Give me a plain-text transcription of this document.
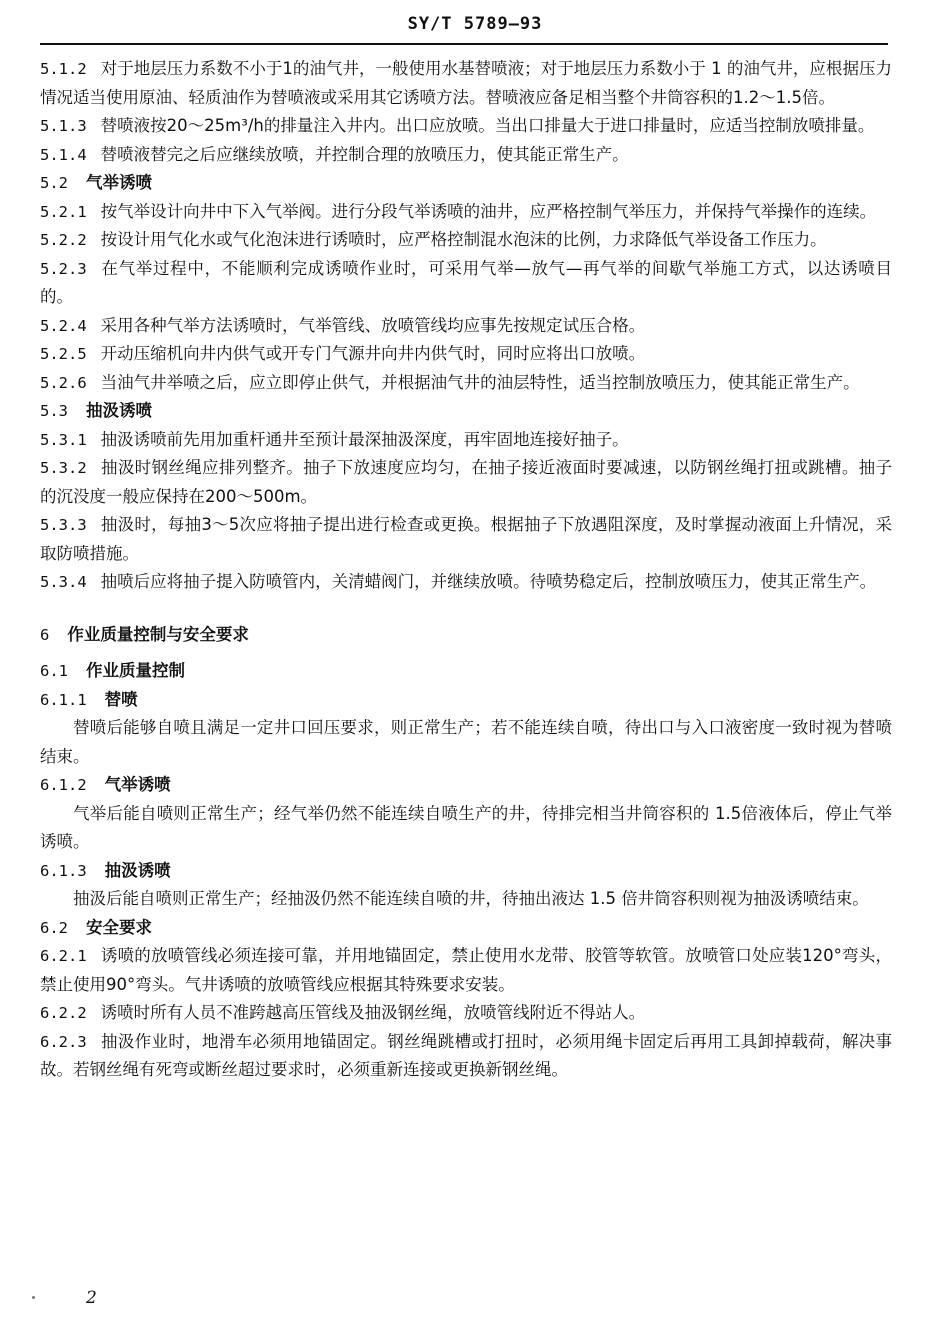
SY/T 5789—93
5.1.2 对于地层压力系数不小于1的油气井，一般使用水基替喷液；对于地层压力系数小于 1 的油气井，应根据压力情况适当使用原油、轻质油作为替喷液或采用其它诱喷方法。替喷液应备足相当整个井筒容积的1.2～1.5倍。
5.1.3 替喷液按20～25m³/h的排量注入井内。出口应放喷。当出口排量大于进口排量时，应适当控制放喷排量。
5.1.4 替喷液替完之后应继续放喷，并控制合理的放喷压力，使其能正常生产。
5.2 气举诱喷
5.2.1 按气举设计向井中下入气举阀。进行分段气举诱喷的油井，应严格控制气举压力，并保持气举操作的连续。
5.2.2 按设计用气化水或气化泡沫进行诱喷时，应严格控制混水泡沫的比例，力求降低气举设备工作压力。
5.2.3 在气举过程中，不能顺利完成诱喷作业时，可采用气举—放气—再气举的间歇气举施工方式，以达诱喷目的。
5.2.4 采用各种气举方法诱喷时，气举管线、放喷管线均应事先按规定试压合格。
5.2.5 开动压缩机向井内供气或开专门气源井向井内供气时，同时应将出口放喷。
5.2.6 当油气井举喷之后，应立即停止供气，并根据油气井的油层特性，适当控制放喷压力，使其能正常生产。
5.3 抽汲诱喷
5.3.1 抽汲诱喷前先用加重杆通井至预计最深抽汲深度，再牢固地连接好抽子。
5.3.2 抽汲时钢丝绳应排列整齐。抽子下放速度应均匀，在抽子接近液面时要减速，以防钢丝绳打扭或跳槽。抽子的沉没度一般应保持在200～500m。
5.3.3 抽汲时，每抽3～5次应将抽子提出进行检查或更换。根据抽子下放遇阻深度，及时掌握动液面上升情况，采取防喷措施。
5.3.4 抽喷后应将抽子提入防喷管内，关清蜡阀门，并继续放喷。待喷势稳定后，控制放喷压力，使其正常生产。
6 作业质量控制与安全要求
6.1 作业质量控制
6.1.1 替喷
替喷后能够自喷且满足一定井口回压要求，则正常生产；若不能连续自喷，待出口与入口液密度一致时视为替喷结束。
6.1.2 气举诱喷
气举后能自喷则正常生产；经气举仍然不能连续自喷生产的井，待排完相当井筒容积的 1.5倍液体后，停止气举诱喷。
6.1.3 抽汲诱喷
抽汲后能自喷则正常生产；经抽汲仍然不能连续自喷的井，待抽出液达 1.5 倍井筒容积则视为抽汲诱喷结束。
6.2 安全要求
6.2.1 诱喷的放喷管线必须连接可靠，并用地锚固定，禁止使用水龙带、胶管等软管。放喷管口处应装120°弯头，禁止使用90°弯头。气井诱喷的放喷管线应根据其特殊要求安装。
6.2.2 诱喷时所有人员不准跨越高压管线及抽汲钢丝绳，放喷管线附近不得站人。
6.2.3 抽汲作业时，地滑车必须用地锚固定。钢丝绳跳槽或打扭时，必须用绳卡固定后再用工具卸掉载荷，解决事故。若钢丝绳有死弯或断丝超过要求时，必须重新连接或更换新钢丝绳。
2
